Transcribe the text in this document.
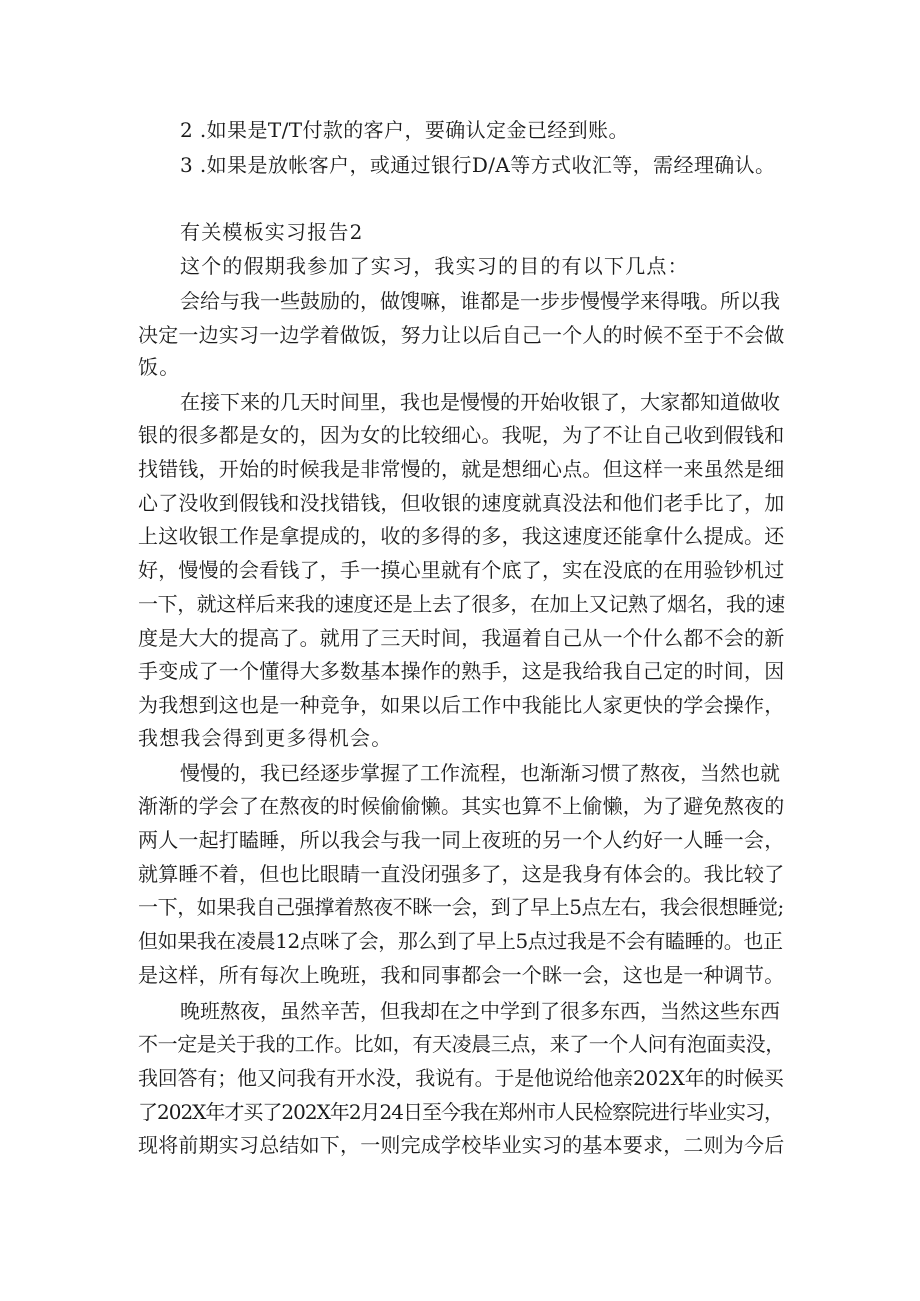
2 .如果是T/T付款的客户，要确认定金已经到账。
3 .如果是放帐客户，或通过银行D/A等方式收汇等，需经理确认。
有关模板实习报告2
这个的假期我参加了实习，我实习的目的有以下几点：
会给与我一些鼓励的，做馊嘛，谁都是一步步慢慢学来得哦。所以我
决定一边实习一边学着做饭，努力让以后自己一个人的时候不至于不会做
饭。
在接下来的几天时间里，我也是慢慢的开始收银了，大家都知道做收
银的很多都是女的，因为女的比较细心。我呢，为了不让自己收到假钱和
找错钱，开始的时候我是非常慢的，就是想细心点。但这样一来虽然是细
心了没收到假钱和没找错钱，但收银的速度就真没法和他们老手比了，加
上这收银工作是拿提成的，收的多得的多，我这速度还能拿什么提成。还
好，慢慢的会看钱了，手一摸心里就有个底了，实在没底的在用验钞机过
一下，就这样后来我的速度还是上去了很多，在加上又记熟了烟名，我的速
度是大大的提高了。就用了三天时间，我逼着自己从一个什么都不会的新
手变成了一个懂得大多数基本操作的熟手，这是我给我自己定的时间，因
为我想到这也是一种竞争，如果以后工作中我能比人家更快的学会操作，
我想我会得到更多得机会。
慢慢的，我已经逐步掌握了工作流程，也渐渐习惯了熬夜，当然也就
渐渐的学会了在熬夜的时候偷偷懒。其实也算不上偷懒，为了避免熬夜的
两人一起打瞌睡，所以我会与我一同上夜班的另一个人约好一人睡一会，
就算睡不着，但也比眼睛一直没闭强多了，这是我身有体会的。我比较了
一下，如果我自己强撑着熬夜不眯一会，到了早上5点左右，我会很想睡觉;
但如果我在凌晨12点咪了会，那么到了早上5点过我是不会有瞌睡的。也正
是这样，所有每次上晚班，我和同事都会一个眯一会，这也是一种调节。
晚班熬夜，虽然辛苦，但我却在之中学到了很多东西，当然这些东西
不一定是关于我的工作。比如，有天凌晨三点，来了一个人问有泡面卖没，
我回答有；他又问我有开水没，我说有。于是他说给他亲202X年的时候买
了202X年才买了202X年2月24日至今我在郑州市人民检察院进行毕业实习，
现将前期实习总结如下，一则完成学校毕业实习的基本要求，二则为今后
